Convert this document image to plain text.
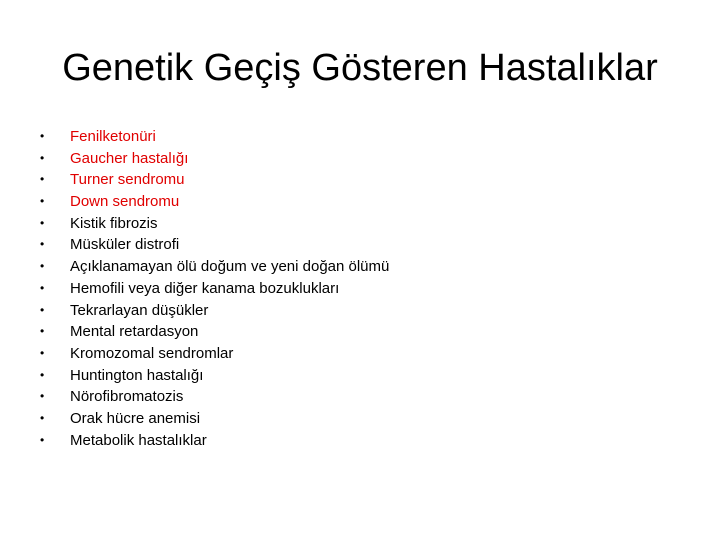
Genetik Geçiş Gösteren Hastalıklar
•	Fenilketonüri
•	Gaucher hastalığı
•	Turner sendromu
•	Down sendromu
•	Kistik fibrozis
•	Müsküler distrofi
•	Açıklanamayan ölü doğum ve yeni doğan ölümü
•	Hemofili veya diğer kanama bozuklukları
•	Tekrarlayan düşükler
•	Mental retardasyon
•	Kromozomal sendromlar
•	Huntington hastalığı
•	Nörofibromatozis
•	Orak hücre anemisi
•	Metabolik hastalıklar
